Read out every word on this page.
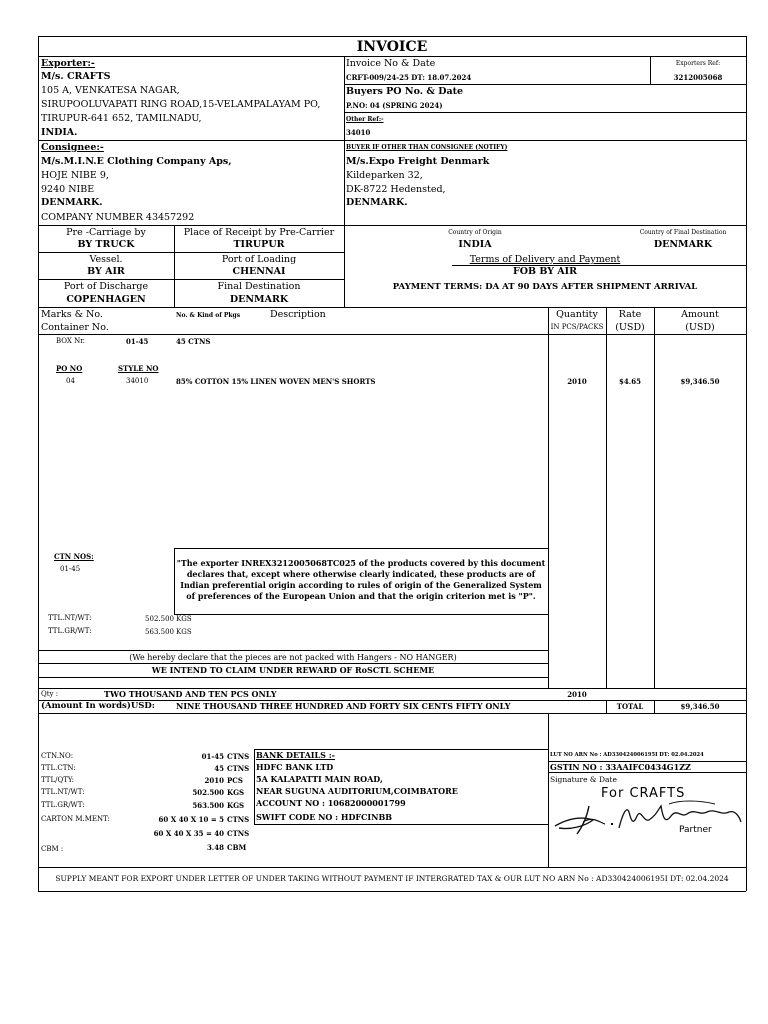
INVOICE
Exporter:-
M/s. CRAFTS
105 A, VENKATESA NAGAR,
SIRUPOOLUVAPATI RING ROAD,15-VELAMPALAYAM PO,
TIRUPUR-641 652, TAMILNADU,
INDIA.
Invoice No & Date
CRFT-009/24-25 DT: 18.07.2024
Exporters Ref:
3212005068
Buyers PO No. & Date
P.NO: 04 (SPRING 2024)
Other Ref:-
34010
Consignee:-
M/s.M.I.N.E Clothing Company Aps,
HOJE NIBE 9,
9240 NIBE
DENMARK.
COMPANY NUMBER 43457292
BUYER IF OTHER THAN CONSIGNEE (NOTIFY)
M/s.Expo Freight Denmark
Kildeparken 32,
DK-8722 Hedensted,
DENMARK.
Pre -Carriage by
BY TRUCK
Place of Receipt by Pre-Carrier
TIRUPUR
Country of Origin
INDIA
Country of Final Destination
DENMARK
Vessel.
BY AIR
Port of Loading
CHENNAI
Terms of Delivery and Payment
FOB BY AIR
Port of Discharge
COPENHAGEN
Final Destination
DENMARK
PAYMENT TERMS: DA AT 90 DAYS AFTER SHIPMENT ARRIVAL
Marks & No.
Container No.
No. & Kind of Pkgs	Description	Quantity
IN PCS/PACKS
Rate
(USD)
Amount
(USD)
BOX Nr.	01-45	45 CTNS
PO NO	STYLE NO
04	34010	85% COTTON 15% LINEN WOVEN MEN'S SHORTS	2010	$4.65	$9,346.50
CTN NOS:
01-45
"The exporter INREX3212005068TC025 of the products covered by this document declares that, except where otherwise clearly indicated, these products are of Indian preferential origin according to rules of origin of the Generalized System of preferences of the European Union and that the origin criterion met is "P".
TTL.NT/WT:	502.500 KGS
TTL.GR/WT:	563.500 KGS
(We hereby declare that the pieces are not packed with Hangers - NO HANGER)
WE INTEND TO CLAIM UNDER REWARD OF RoSCTL SCHEME
Qty :	TWO THOUSAND AND TEN PCS ONLY	2010
(Amount In words)USD:	NINE THOUSAND THREE HUNDRED AND FORTY SIX CENTS FIFTY ONLY	TOTAL	$9,346.50
CTN.NO:	01-45 CTNS
TTL.CTN:	45 CTNS
TTL/QTY:	2010 PCS
TTL.NT/WT:	502.500 KGS
TTL.GR/WT:	563.500 KGS
CARTON M.MENT:	60 X 40 X 10 = 5 CTNS
60 X 40 X 35 = 40 CTNS
CBM :	3.48 CBM
BANK DETAILS :-
HDFC BANK LTD
5A KALAPATTI MAIN ROAD,
NEAR SUGUNA AUDITORIUM,COIMBATORE
ACCOUNT NO : 10682000001799
SWIFT CODE NO : HDFCINBB
LUT NO ARN No : AD330424006195I DT: 02.04.2024
GSTIN NO : 33AAIFC0434G1ZZ
Signature & Date
For CRAFTS
Partner
SUPPLY MEANT FOR EXPORT UNDER LETTER OF UNDER TAKING WITHOUT PAYMENT IF INTERGRATED TAX & OUR LUT NO ARN No : AD330424006195I DT: 02.04.2024
